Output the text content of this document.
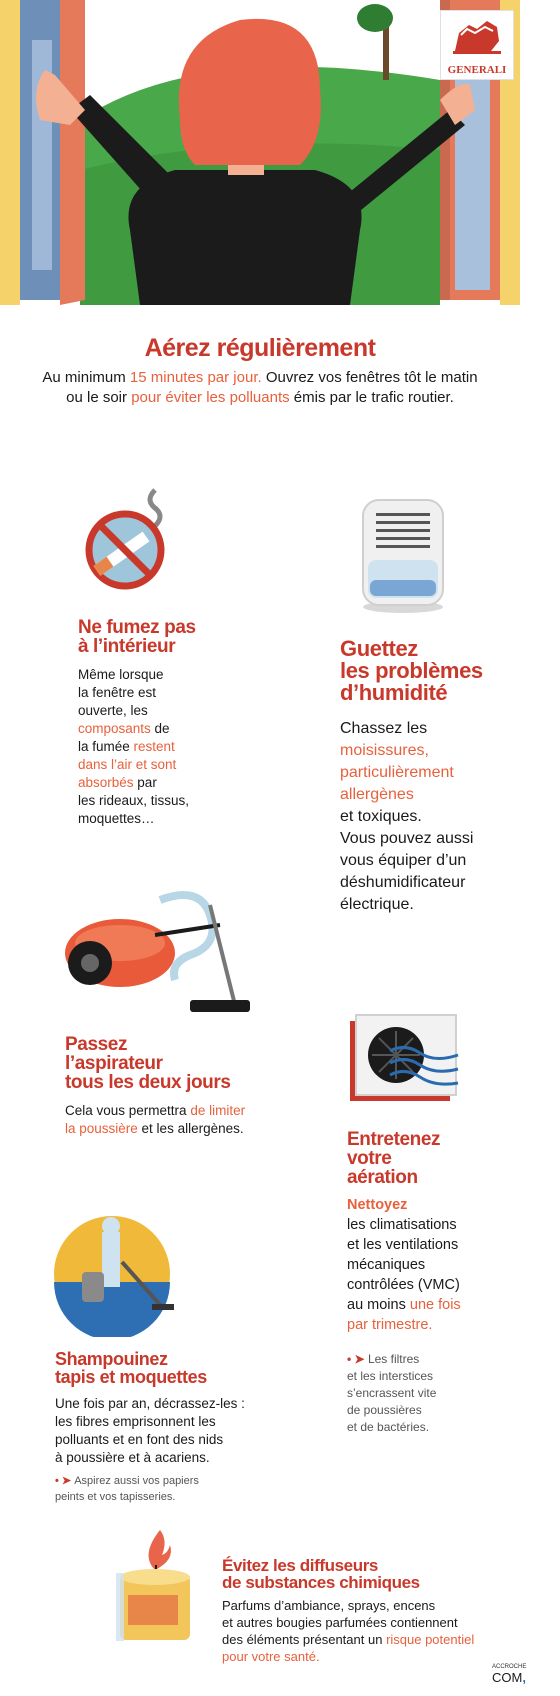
GENERALI
Aérez régulièrement
Au minimum 15 minutes par jour. Ouvrez vos fenêtres tôt le matin
ou le soir pour éviter les polluants émis par le trafic routier.
Ne fumez pas
à l’intérieur

Même lorsque

la fenêtre est

ouverte, les

composants de

la fumée restent

dans l’air et sont

absorbés par

les rideaux, tissus,

moquettes…

Guettez
les problèmes
d’humidité

Chassez les

moisissures,

particulièrement

allergènes

et toxiques.

Vous pouvez aussi

vous équiper d’un

déshumidificateur

électrique.

Passez
l’aspirateur
tous les deux jours

Cela vous permettra de limiter

la poussière et les allergènes.

Entretenez
votre
aération

Nettoyez

les climatisations

et les ventilations

mécaniques

contrôlées (VMC)

au moins une fois

par trimestre.

• ➤ Les filtres

et les interstices

s’encrassent vite

de poussières

et de bactéries.

Shampouinez
tapis et moquettes

Une fois par an, décrassez-les :

les fibres emprisonnent les

polluants et en font des nids

à poussière et à acariens.

• ➤ Aspirez aussi vos papiers

peints et vos tapisseries.

Évitez les diffuseurs
de substances chimiques

Parfums d’ambiance, sprays, encens

et autres bougies parfumées contiennent

des éléments présentant un risque potentiel

pour votre santé.

ACCROCHE
COM,
